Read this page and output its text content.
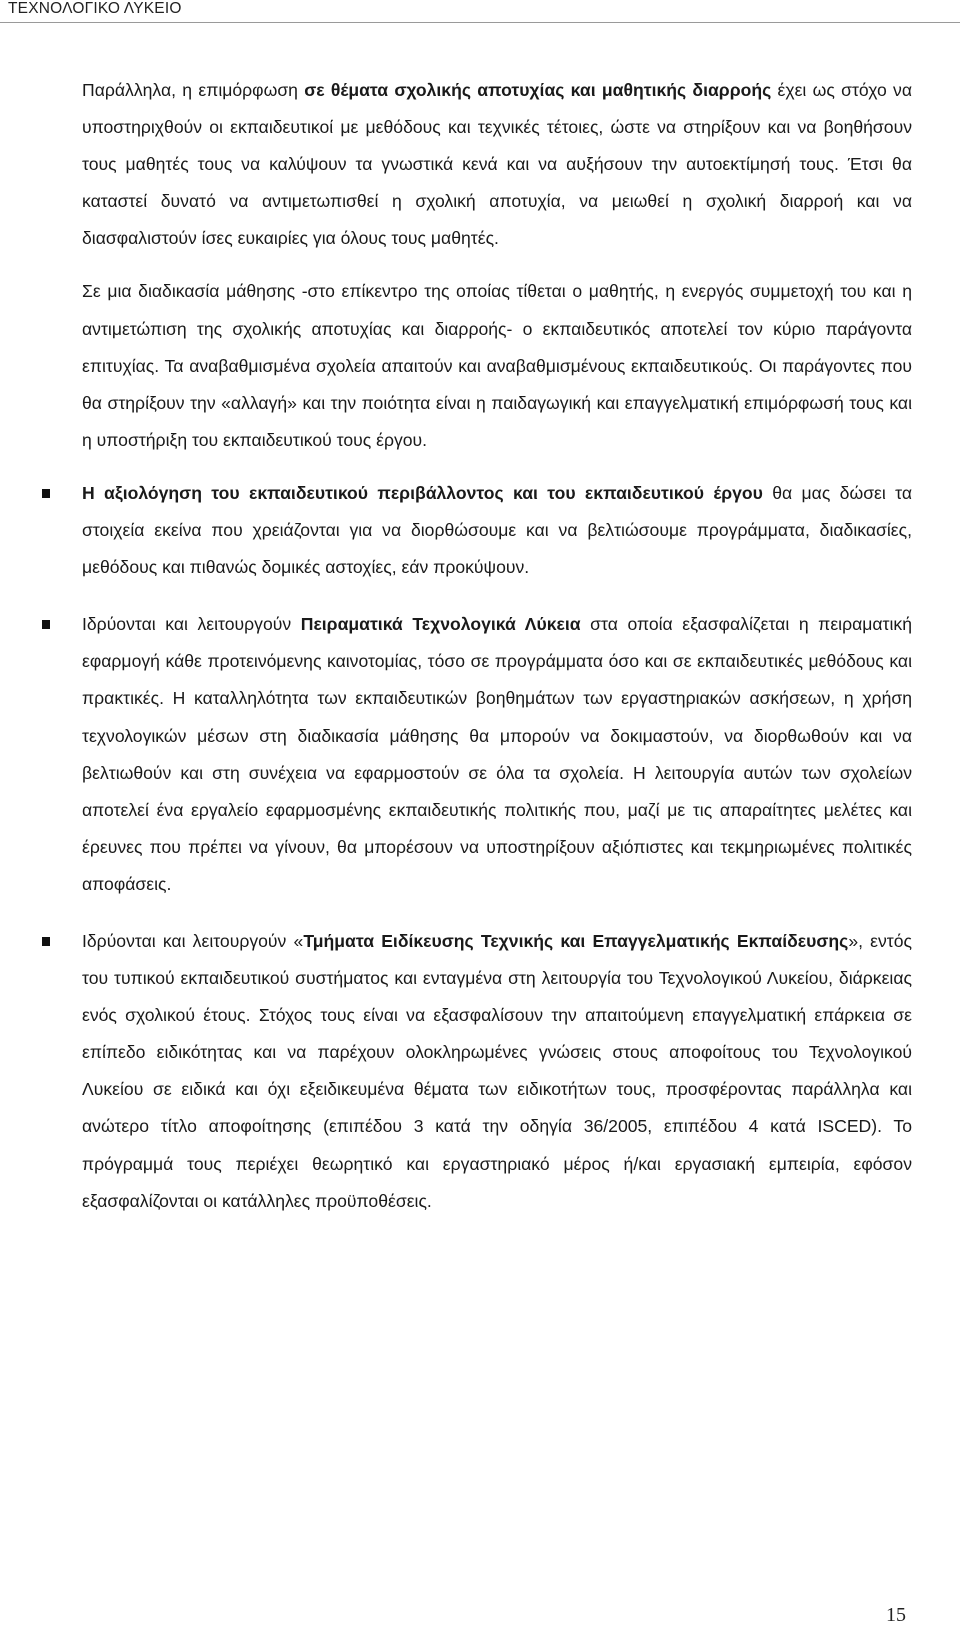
ΤΕΧΝΟΛΟΓΙΚΟ ΛΥΚΕΙΟ

Παράλληλα, η επιμόρφωση σε θέματα σχολικής αποτυχίας και μαθητικής διαρροής έχει ως στόχο να υποστηριχθούν οι εκπαιδευτικοί με μεθόδους και τεχνικές τέτοιες, ώστε να στηρίξουν και να βοηθήσουν τους μαθητές τους να καλύψουν τα γνωστικά κενά και να αυξήσουν την αυτοεκτίμησή τους. Έτσι θα καταστεί δυνατό να αντιμετωπισθεί η σχολική αποτυχία, να μειωθεί η σχολική διαρροή και να διασφαλιστούν ίσες ευκαιρίες για όλους τους μαθητές.

Σε μια διαδικασία μάθησης -στο επίκεντρο της οποίας τίθεται ο μαθητής, η ενεργός συμμετοχή του και η αντιμετώπιση της σχολικής αποτυχίας και διαρροής- ο εκπαιδευτικός αποτελεί τον κύριο παράγοντα επιτυχίας. Τα αναβαθμισμένα σχολεία απαιτούν και αναβαθμισμένους εκπαιδευτικούς. Οι παράγοντες που θα στηρίξουν την «αλλαγή» και την ποιότητα είναι η παιδαγωγική και επαγγελματική επιμόρφωσή τους και η υποστήριξη του εκπαιδευτικού τους έργου.

Η αξιολόγηση του εκπαιδευτικού περιβάλλοντος και του εκπαιδευτικού έργου θα μας δώσει τα στοιχεία εκείνα που χρειάζονται για να διορθώσουμε και να βελτιώσουμε προγράμματα, διαδικασίες, μεθόδους και πιθανώς δομικές αστοχίες, εάν προκύψουν.
Ιδρύονται και λειτουργούν Πειραματικά Τεχνολογικά Λύκεια στα οποία εξασφαλίζεται η πειραματική εφαρμογή κάθε προτεινόμενης καινοτομίας, τόσο σε προγράμματα όσο και σε εκπαιδευτικές μεθόδους και πρακτικές. Η καταλληλότητα των εκπαιδευτικών βοηθημάτων των εργαστηριακών ασκήσεων, η χρήση τεχνολογικών μέσων στη διαδικασία μάθησης θα μπορούν να δοκιμαστούν, να διορθωθούν και να βελτιωθούν και στη συνέχεια να εφαρμοστούν σε όλα τα σχολεία. Η λειτουργία αυτών των σχολείων αποτελεί ένα εργαλείο εφαρμοσμένης εκπαιδευτικής πολιτικής που, μαζί με τις απαραίτητες μελέτες και έρευνες που πρέπει να γίνουν, θα μπορέσουν να υποστηρίξουν αξιόπιστες και τεκμηριωμένες πολιτικές αποφάσεις.
Ιδρύονται και λειτουργούν «Τμήματα Ειδίκευσης Τεχνικής και Επαγγελματικής Εκπαίδευσης», εντός του τυπικού εκπαιδευτικού συστήματος και ενταγμένα στη λειτουργία του Τεχνολογικού Λυκείου, διάρκειας ενός σχολικού έτους. Στόχος τους είναι να εξασφαλίσουν την απαιτούμενη επαγγελματική επάρκεια σε επίπεδο ειδικότητας και να παρέχουν ολοκληρωμένες γνώσεις στους αποφοίτους του Τεχνολογικού Λυκείου σε ειδικά και όχι εξειδικευμένα θέματα των ειδικοτήτων τους, προσφέροντας παράλληλα και ανώτερο τίτλο αποφοίτησης (επιπέδου 3 κατά την οδηγία 36/2005, επιπέδου 4 κατά ISCED). Το πρόγραμμά τους περιέχει θεωρητικό και εργαστηριακό μέρος ή/και εργασιακή εμπειρία, εφόσον εξασφαλίζονται οι κατάλληλες προϋποθέσεις.
15
